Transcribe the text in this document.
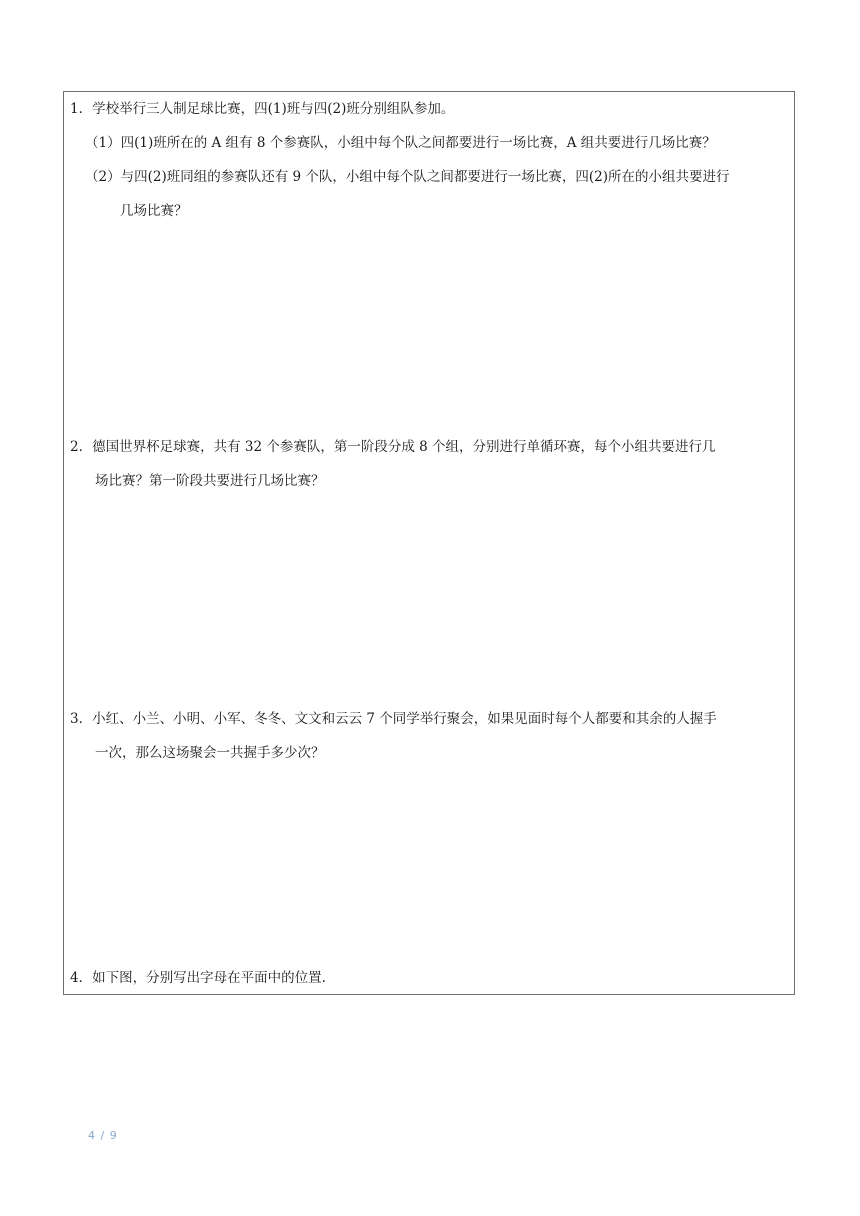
1．学校举行三人制足球比赛，四(1)班与四(2)班分别组队参加。
（1）四(1)班所在的 A 组有 8 个参赛队，小组中每个队之间都要进行一场比赛，A 组共要进行几场比赛？
（2）与四(2)班同组的参赛队还有 9 个队，小组中每个队之间都要进行一场比赛，四(2)所在的小组共要进行
几场比赛？
2．德国世界杯足球赛，共有 32 个参赛队，第一阶段分成 8 个组，分别进行单循环赛，每个小组共要进行几
场比赛？第一阶段共要进行几场比赛？
3．小红、小兰、小明、小军、冬冬、文文和云云 7 个同学举行聚会，如果见面时每个人都要和其余的人握手
一次，那么这场聚会一共握手多少次？
4．如下图，分别写出字母在平面中的位置.
4 / 9
